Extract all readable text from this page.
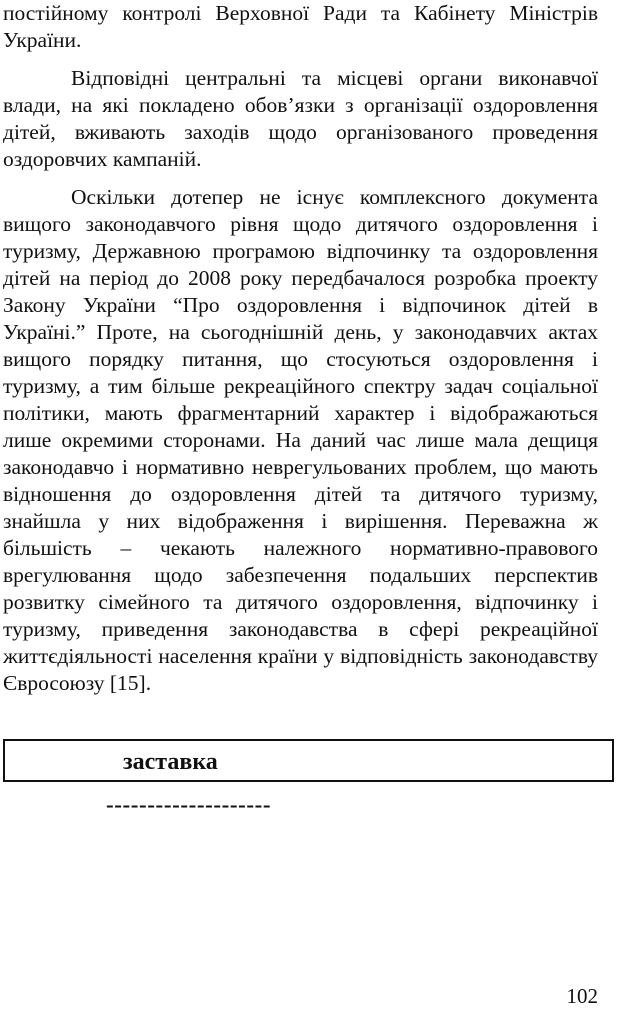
постійному контролі Верховної Ради та Кабінету Міністрів України.

Відповідні центральні та місцеві органи виконавчої влади, на які покладено обов’язки з організації оздоровлення дітей, вживають заходів щодо організованого проведення оздоровчих кампаній.

Оскільки дотепер не існує комплексного документа вищого законодавчого рівня щодо дитячого оздоровлення і туризму, Державною програмою відпочинку та оздоровлення дітей на період до 2008 року передбачалося розробка проекту Закону України “Про оздоровлення і відпочинок дітей в Україні.” Проте, на сьогоднішній день, у законодавчих актах вищого порядку питання, що стосуються оздоровлення і туризму, а тим більше рекреаційного спектру задач соціальної політики, мають фрагментарний характер і відображаються лише окремими сторонами. На даний час лише мала дещиця законодавчо і нормативно неврегульованих проблем, що мають відношення до оздоровлення дітей та дитячого туризму, знайшла у них відображення і вирішення. Переважна ж більшість – чекають належного нормативно-правового врегулювання щодо забезпечення подальших перспектив розвитку сімейного та дитячого оздоровлення, відпочинку і туризму, приведення законодавства в сфері рекреаційної життєдіяльності населення країни у відповідність законодавству Євросоюзу [15].

заставка

--------------------

102
